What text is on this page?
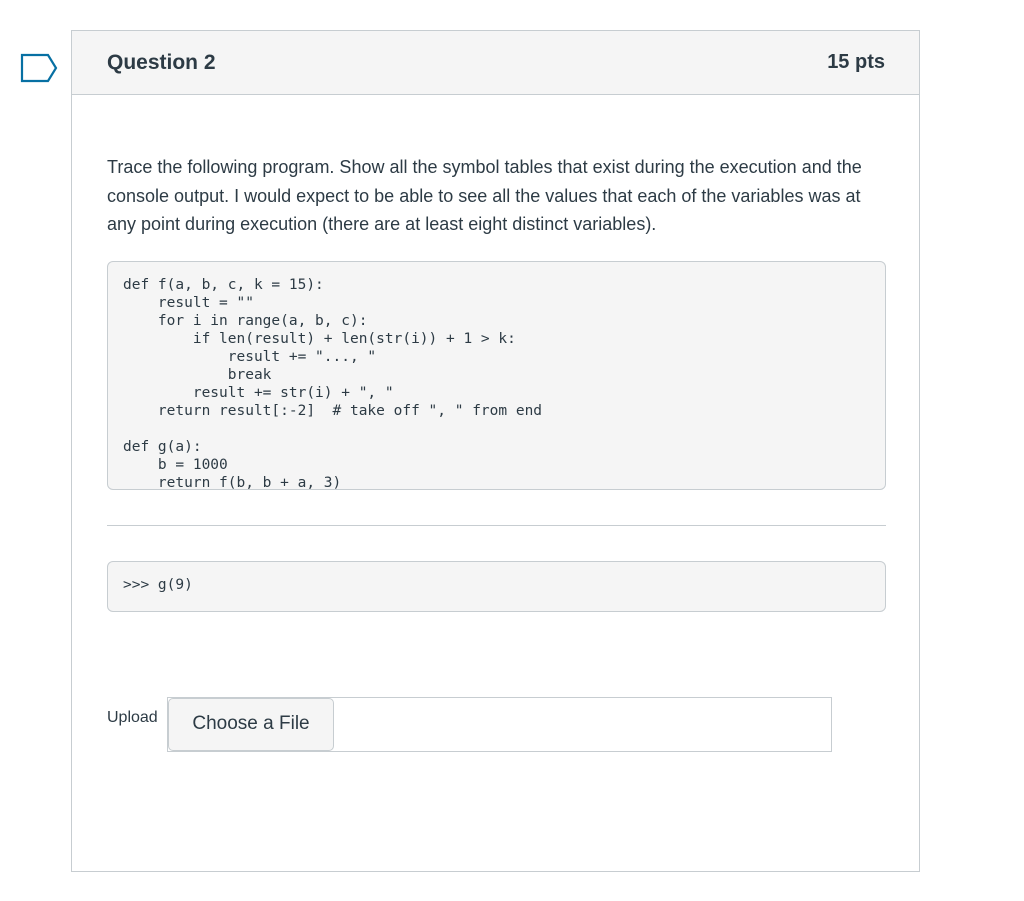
Question 2	15 pts

Trace the following program. Show all the symbol tables that exist during the execution and the console output. I would expect to be able to see all the values that each of the variables was at any point during execution (there are at least eight distinct variables).

def f(a, b, c, k = 15):
result = ""
for i in range(a, b, c):
if len(result) + len(str(i)) + 1 > k:
result += "..., "
break
result += str(i) + ", "
return result[:-2]  # take off ", " from end

def g(a):
b = 1000
return f(b, b + a, 3)
>>> g(9)
Upload	Choose a File
